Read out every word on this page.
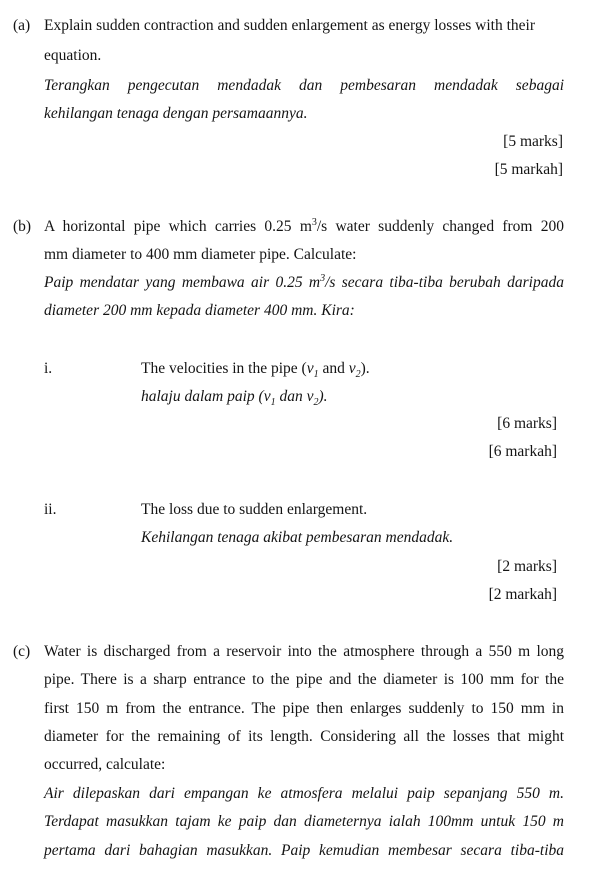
(a) Explain sudden contraction and sudden enlargement as energy losses with their
equation.
Terangkan pengecutan mendadak dan pembesaran mendadak sebagai
kehilangan tenaga dengan persamaannya.
[5 marks]
[5 markah]
(b) A horizontal pipe which carries 0.25 $m^3/s$ water suddenly changed from 200
mm diameter to 400 mm diameter pipe. Calculate:
Paip mendatar yang membawa air 0.25 $m^3/s$ secara tiba-tiba berubah daripada
diameter 200 mm kepada diameter 400 mm. Kira:
i.	The velocities in the pipe ($v_1$ and $v_2$).
halaju dalam paip ($v_1$ dan $v_2$).
[6 marks]
[6 markah]
ii.	The loss due to sudden enlargement.
Kehilangan tenaga akibat pembesaran mendadak.
[2 marks]
[2 markah]
(c) Water is discharged from a reservoir into the atmosphere through a 550 m long
pipe. There is a sharp entrance to the pipe and the diameter is 100 mm for the
first 150 m from the entrance. The pipe then enlarges suddenly to 150 mm in
diameter for the remaining of its length. Considering all the losses that might
occurred, calculate:
Air dilepaskan dari empangan ke atmosfera melalui paip sepanjang 550 m.
Terdapat masukkan tajam ke paip dan diameternya ialah 100mm untuk 150 m
pertama dari bahagian masukkan. Paip kemudian membesar secara tiba-tiba
